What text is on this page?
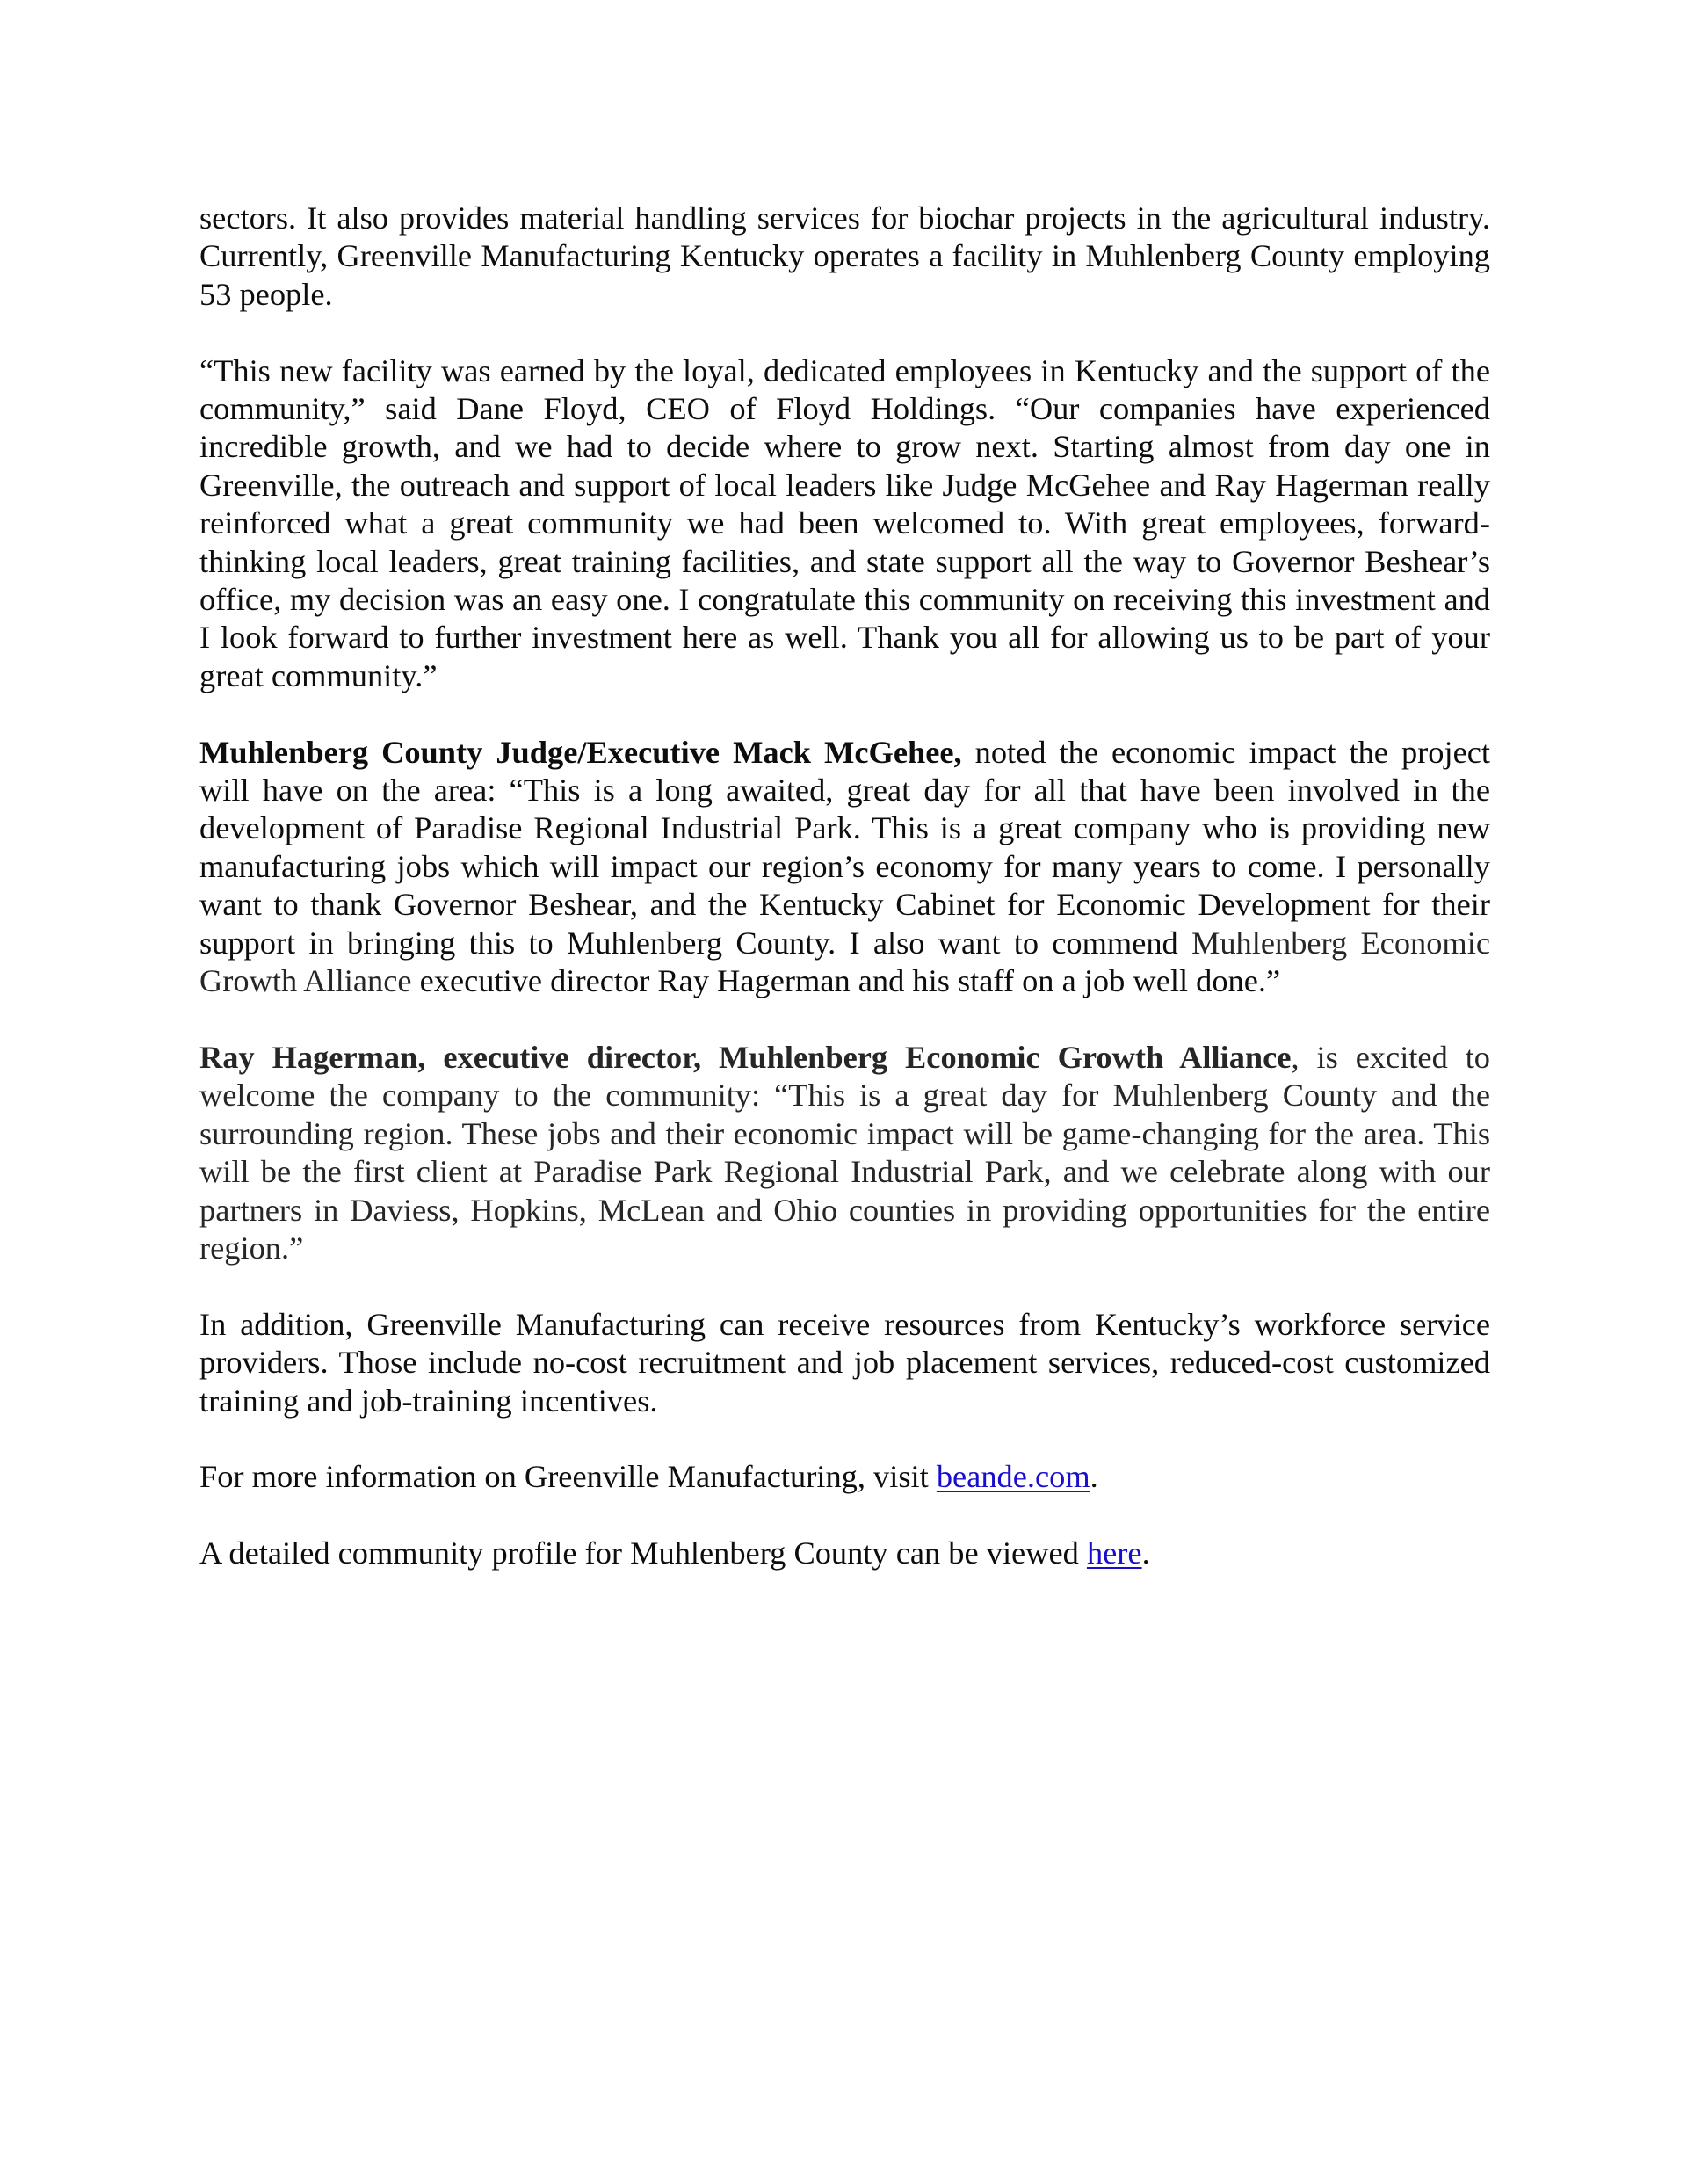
sectors. It also provides material handling services for biochar projects in the agricultural industry. Currently, Greenville Manufacturing Kentucky operates a facility in Muhlenberg County employing 53 people.

“This new facility was earned by the loyal, dedicated employees in Kentucky and the support of the community,” said Dane Floyd, CEO of Floyd Holdings. “Our companies have experienced incredible growth, and we had to decide where to grow next. Starting almost from day one in Greenville, the outreach and support of local leaders like Judge McGehee and Ray Hagerman really reinforced what a great community we had been welcomed to. With great employees, forward-thinking local leaders, great training facilities, and state support all the way to Governor Beshear’s office, my decision was an easy one. I congratulate this community on receiving this investment and I look forward to further investment here as well. Thank you all for allowing us to be part of your great community.”

Muhlenberg County Judge/Executive Mack McGehee, noted the economic impact the project will have on the area: “This is a long awaited, great day for all that have been involved in the development of Paradise Regional Industrial Park. This is a great company who is providing new manufacturing jobs which will impact our region’s economy for many years to come. I personally want to thank Governor Beshear, and the Kentucky Cabinet for Economic Development for their support in bringing this to Muhlenberg County. I also want to commend Muhlenberg Economic Growth Alliance executive director Ray Hagerman and his staff on a job well done.”

Ray Hagerman, executive director, Muhlenberg Economic Growth Alliance, is excited to welcome the company to the community: “This is a great day for Muhlenberg County and the surrounding region. These jobs and their economic impact will be game-changing for the area. This will be the first client at Paradise Park Regional Industrial Park, and we celebrate along with our partners in Daviess, Hopkins, McLean and Ohio counties in providing opportunities for the entire region.”

In addition, Greenville Manufacturing can receive resources from Kentucky’s workforce service providers. Those include no-cost recruitment and job placement services, reduced-cost customized training and job-training incentives.

For more information on Greenville Manufacturing, visit beande.com.

A detailed community profile for Muhlenberg County can be viewed here.
